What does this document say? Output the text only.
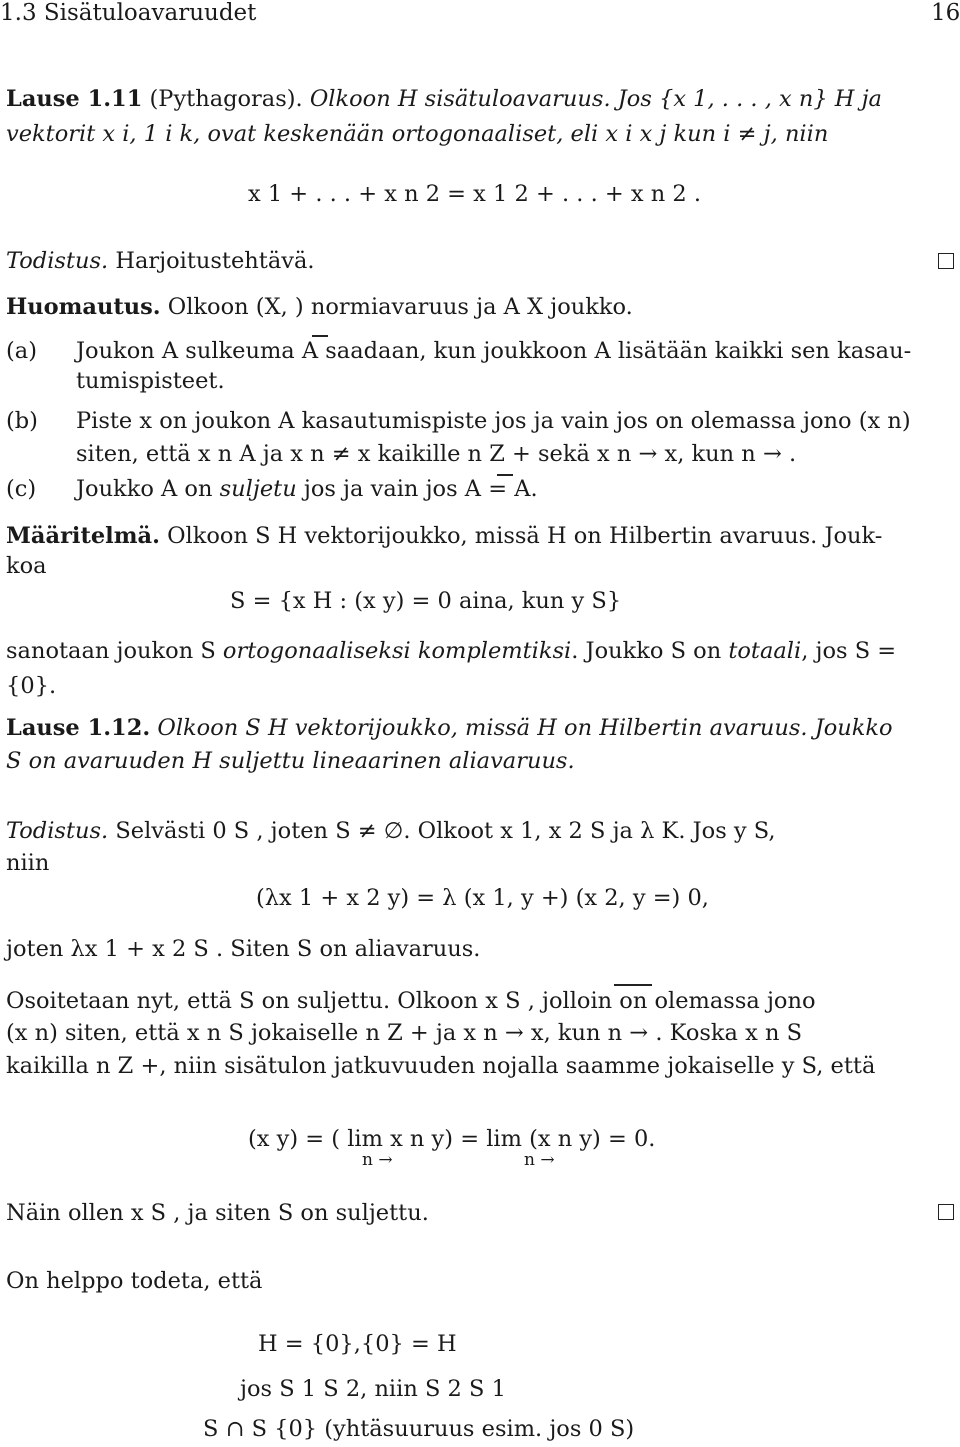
1.3 Sisätuloavaruudet	16
Lause 1.11 (Pythagoras). Olkoon H sisätuloavaruus. Jos {x 1, . . . , x n} H ja
vektorit x i, 1 i k, ovat keskenään ortogonaaliset, eli x i x j kun i ≠ j, niin
x 1 + . . . + x n 2 = x 1 2 + . . . + x n 2 .
Todistus. Harjoitustehtävä.
Huomautus. Olkoon (X, ) normiavaruus ja A X joukko.
(a) Joukon A sulkeuma A saadaan, kun joukkoon A lisätään kaikki sen kasau-
tumispisteet.
(b) Piste x on joukon A kasautumispiste jos ja vain jos on olemassa jono (x n)
siten, että x n A ja x n ≠ x kaikille n Z + sekä x n → x, kun n → .
(c) Joukko A on suljetu jos ja vain jos A = A.
Määritelmä. Olkoon S H vektorijoukko, missä H on Hilbertin avaruus. Jouk-
koa
S = {x H : (x y) = 0 aina, kun y S}
sanotaan joukon S ortogonaaliseksi komplemtiksi. Joukko S on totaali, jos S =
{0}.
Lause 1.12. Olkoon S H vektorijoukko, missä H on Hilbertin avaruus. Joukko
S on avaruuden H suljettu lineaarinen aliavaruus.
Todistus. Selvästi 0 S , joten S ≠ ∅. Olkoot x 1, x 2 S ja λ K. Jos y S,
niin
(λx 1 + x 2 y) = λ (x 1, y +) (x 2, y =) 0,
joten λx 1 + x 2 S . Siten S on aliavaruus.
Osoitetaan nyt, että S on suljettu. Olkoon x S , jolloin on olemassa jono
(x n) siten, että x n S jokaiselle n Z + ja x n → x, kun n → . Koska x n S
kaikilla n Z +, niin sisätulon jatkuvuuden nojalla saamme jokaiselle y S, että
(x y) = ( lim x n y) = lim (x n y) = 0.
n →	n →
Näin ollen x S , ja siten S on suljettu.
On helppo todeta, että
H = {0},{0} = H
jos S 1 S 2, niin S 2 S 1
S ∩ S {0} (yhtäsuuruus esim. jos 0 S)
